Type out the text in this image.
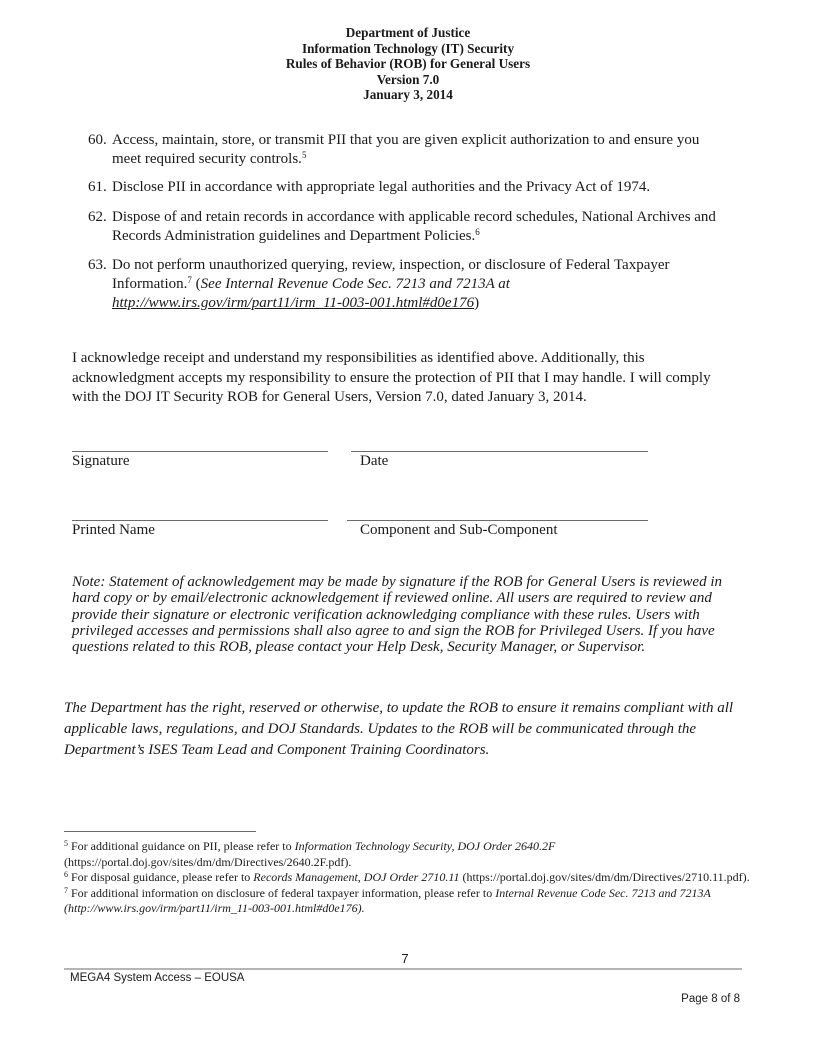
Department of Justice
Information Technology (IT) Security
Rules of Behavior (ROB) for General Users
Version 7.0
January 3, 2014
60. Access, maintain, store, or transmit PII that you are given explicit authorization to and ensure you meet required security controls.$^5$
61. Disclose PII in accordance with appropriate legal authorities and the Privacy Act of 1974.
62. Dispose of and retain records in accordance with applicable record schedules, National Archives and Records Administration guidelines and Department Policies.$^6$
63. Do not perform unauthorized querying, review, inspection, or disclosure of Federal Taxpayer Information.$^7$ (See Internal Revenue Code Sec. 7213 and 7213A at http://www.irs.gov/irm/part11/irm_11-003-001.html#d0e176)
I acknowledge receipt and understand my responsibilities as identified above. Additionally, this acknowledgment accepts my responsibility to ensure the protection of PII that I may handle. I will comply with the DOJ IT Security ROB for General Users, Version 7.0, dated January 3, 2014.
Signature	Date
Printed Name	Component and Sub-Component
Note: Statement of acknowledgement may be made by signature if the ROB for General Users is reviewed in hard copy or by email/electronic acknowledgement if reviewed online. All users are required to review and provide their signature or electronic verification acknowledging compliance with these rules. Users with privileged accesses and permissions shall also agree to and sign the ROB for Privileged Users. If you have questions related to this ROB, please contact your Help Desk, Security Manager, or Supervisor.
The Department has the right, reserved or otherwise, to update the ROB to ensure it remains compliant with all applicable laws, regulations, and DOJ Standards. Updates to the ROB will be communicated through the Department’s ISES Team Lead and Component Training Coordinators.
$^5$ For additional guidance on PII, please refer to Information Technology Security, DOJ Order 2640.2F (https://portal.doj.gov/sites/dm/dm/Directives/2640.2F.pdf).
$^6$ For disposal guidance, please refer to Records Management, DOJ Order 2710.11 (https://portal.doj.gov/sites/dm/dm/Directives/2710.11.pdf).
$^7$ For additional information on disclosure of federal taxpayer information, please refer to Internal Revenue Code Sec. 7213 and 7213A (http://www.irs.gov/irm/part11/irm_11-003-001.html#d0e176).
7
MEGA4 System Access – EOUSA
Page 8 of 8
